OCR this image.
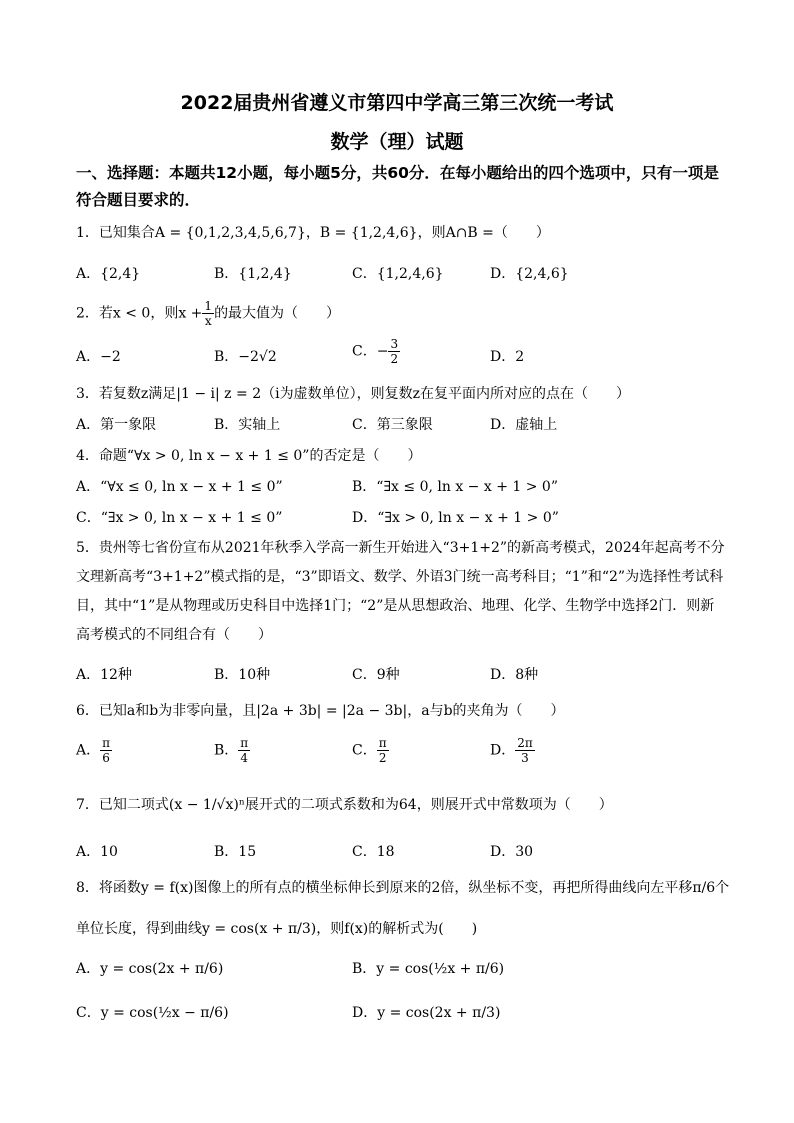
2022届贵州省遵义市第四中学高三第三次统一考试
数学（理）试题
一、选择题：本题共12小题，每小题5分，共60分．在每小题给出的四个选项中，只有一项是符合题目要求的．
1．已知集合A = {0,1,2,3,4,5,6,7}，B = {1,2,4,6}，则A∩B =（　　）
A．{2,4}	B．{1,2,4}	C．{1,2,4,6}	D．{2,4,6}
2．若x < 0，则$x + \frac{1}{x}$ 的最大值为（　　）
A．−2	B．−2√2	C．− $\frac{3}{2}$	D．2
3．若复数z满足|1 − i| z = 2（i为虚数单位），则复数z在复平面内所对应的点在（　　）
A．第一象限	B．实轴上	C．第三象限	D．虚轴上
4．命题“∀x > 0, ln x − x + 1 ≤ 0”的否定是（　　）
A．“∀x ≤ 0, ln x − x + 1 ≤ 0”	B．“∃x ≤ 0, ln x − x + 1 > 0”
C．“∃x > 0, ln x − x + 1 ≤ 0”	D．“∃x > 0, ln x − x + 1 > 0”
5．贵州等七省份宣布从2021年秋季入学高一新生开始进入“3+1+2”的新高考模式，2024年起高考不分文理新高考“3+1+2”模式指的是，“3”即语文、数学、外语3门统一高考科目；“1”和“2”为选择性考试科目，其中“1”是从物理或历史科目中选择1门；“2”是从思想政治、地理、化学、生物学中选择2门．则新高考模式的不同组合有（　　）
A．12种	B．10种	C．9种	D．8种
6．已知a和b为非零向量，且|2a + 3b| = |2a − 3b|，a与b的夹角为（　　）
A． $\frac{\pi}{6}$	B． $\frac{\pi}{4}$	C． $\frac{\pi}{2}$	D． $\frac{2\pi}{3}$
7．已知二项式(x − 1/√x)ⁿ展开式的二项式系数和为64，则展开式中常数项为（　　）
A．10	B．15	C．18	D．30
8．将函数y = f(x)图像上的所有点的横坐标伸长到原来的2倍，纵坐标不变，再把所得曲线向左平移π/6个
单位长度，得到曲线y = cos(x + π/3)，则f(x)的解析式为(　　)
A．y = cos(2x + π/6)	B．y = cos(½x + π/6)
C．y = cos(½x − π/6)	D．y = cos(2x + π/3)
